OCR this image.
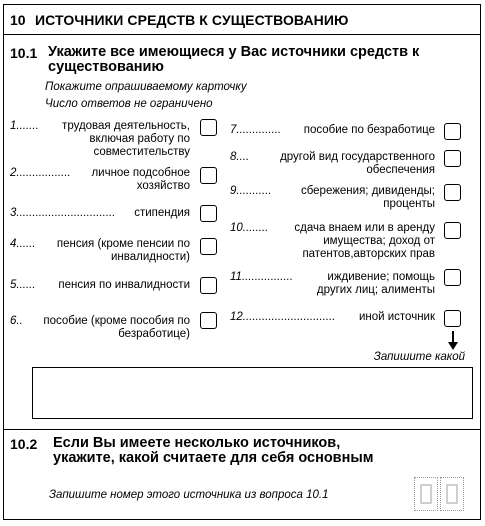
10 ИСТОЧНИКИ СРЕДСТВ К СУЩЕСТВОВАНИЮ
10.1 Укажите все имеющиеся у Вас источники средств к
существованию
Покажите опрашиваемому карточку
Число ответов не ограничено
1....... трудовая деятельность,
включая работу по
совместительству
2................. личное подсобное
хозяйство
3............................... стипендия
4...... пенсия (кроме пенсии по
инвалидности)
5...... пенсия по инвалидности
6.. пособие (кроме пособия по
безработице)
7.............. пособие по безработице
8....	другой вид государственного
обеспечения
9...........	сбережения; дивиденды;
проценты
10........ сдача внаем или в аренду
имущества; доход от
патентов,авторских прав
11................	иждивение; помощь
других лиц; алименты
12............................. иной источник
Запишите какой
10.2 Если Вы имеете несколько источников,
укажите, какой считаете для себя основным
Запишите номер этого источника из вопроса 10.1
